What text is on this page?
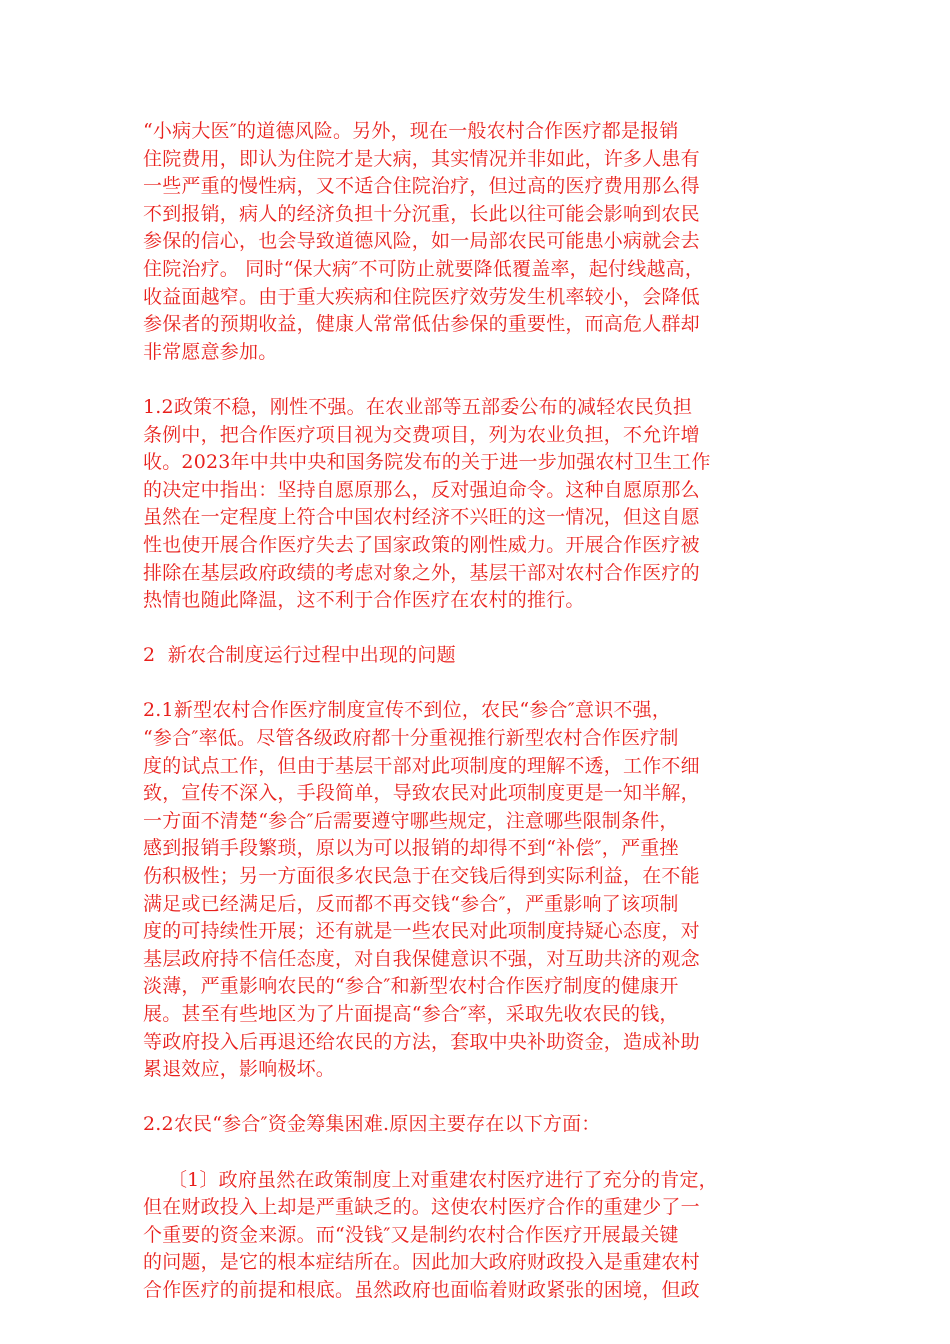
“小病大医″的道德风险。另外，现在一般农村合作医疗都是报销
住院费用，即认为住院才是大病，其实情况并非如此，许多人患有
一些严重的慢性病，又不适合住院治疗，但过高的医疗费用那么得
不到报销，病人的经济负担十分沉重，长此以往可能会影响到农民
参保的信心，也会导致道德风险，如一局部农民可能患小病就会去
住院治疗。 同时“保大病″不可防止就要降低覆盖率，起付线越高，
收益面越窄。由于重大疾病和住院医疗效劳发生机率较小，会降低
参保者的预期收益，健康人常常低估参保的重要性，而高危人群却
非常愿意参加。
1.2政策不稳，刚性不强。在农业部等五部委公布的减轻农民负担
条例中，把合作医疗项目视为交费项目，列为农业负担，不允许增
收。2023年中共中央和国务院发布的关于进一步加强农村卫生工作
的决定中指出：坚持自愿原那么，反对强迫命令。这种自愿原那么
虽然在一定程度上符合中国农村经济不兴旺的这一情况，但这自愿
性也使开展合作医疗失去了国家政策的刚性威力。开展合作医疗被
排除在基层政府政绩的考虑对象之外，基层干部对农村合作医疗的
热情也随此降温，这不利于合作医疗在农村的推行。
2  新农合制度运行过程中出现的问题
2.1新型农村合作医疗制度宣传不到位，农民“参合″意识不强，
“参合″率低。尽管各级政府都十分重视推行新型农村合作医疗制
度的试点工作，但由于基层干部对此项制度的理解不透，工作不细
致，宣传不深入，手段简单，导致农民对此项制度更是一知半解，
一方面不清楚“参合″后需要遵守哪些规定，注意哪些限制条件，
感到报销手段繁琐，原以为可以报销的却得不到“补偿″，严重挫
伤积极性；另一方面很多农民急于在交钱后得到实际利益，在不能
满足或已经满足后，反而都不再交钱“参合″，严重影响了该项制
度的可持续性开展；还有就是一些农民对此项制度持疑心态度，对
基层政府持不信任态度，对自我保健意识不强，对互助共济的观念
淡薄，严重影响农民的“参合″和新型农村合作医疗制度的健康开
展。甚至有些地区为了片面提高“参合″率，采取先收农民的钱，
等政府投入后再退还给农民的方法，套取中央补助资金，造成补助
累退效应，影响极坏。
2.2农民“参合″资金筹集困难.原因主要存在以下方面：
〔1〕政府虽然在政策制度上对重建农村医疗进行了充分的肯定，
但在财政投入上却是严重缺乏的。这使农村医疗合作的重建少了一
个重要的资金来源。而“没钱″又是制约农村合作医疗开展最关键
的问题，是它的根本症结所在。因此加大政府财政投入是重建农村
合作医疗的前提和根底。虽然政府也面临着财政紧张的困境，但政
